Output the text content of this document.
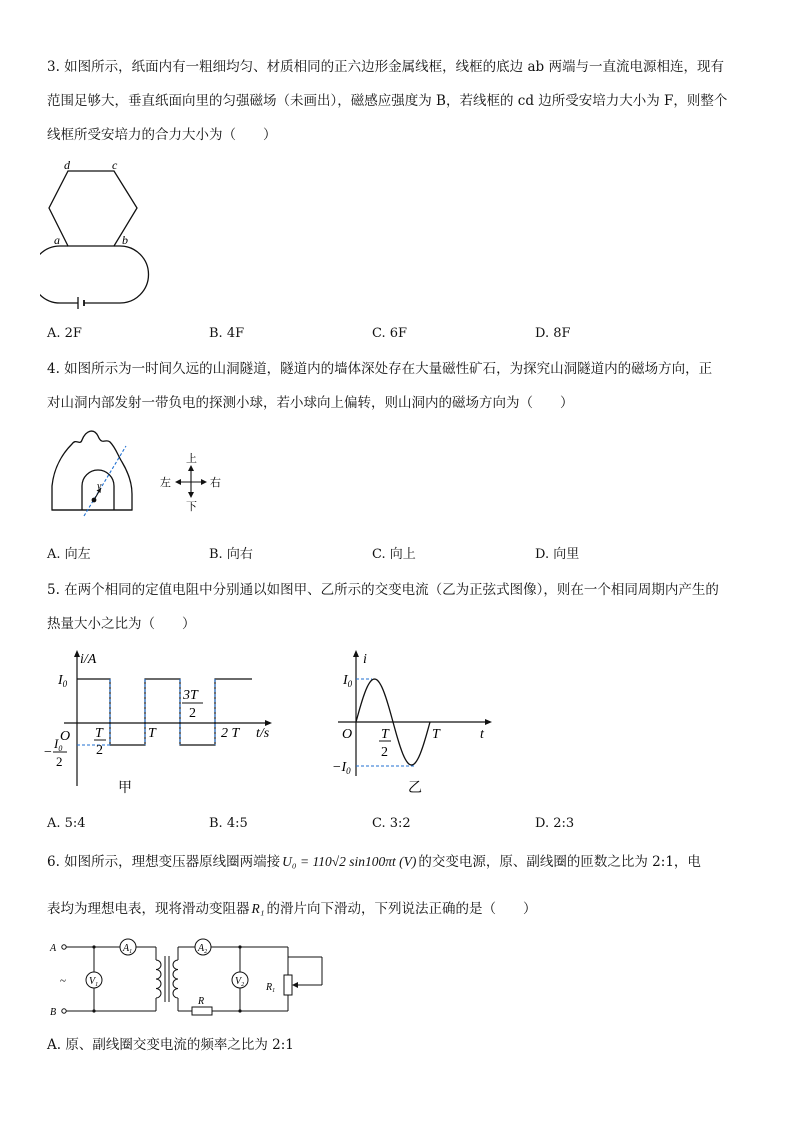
3. 如图所示，纸面内有一粗细均匀、材质相同的正六边形金属线框，线框的底边 ab 两端与一直流电源相连，现有
范围足够大，垂直纸面向里的匀强磁场（未画出），磁感应强度为 B，若线框的 cd 边所受安培力大小为 F，则整个
线框所受安培力的合力大小为（　　）
d	c
a	b
A. 2F	B. 4F	C. 6F	D. 8F
4. 如图所示为一时间久远的山洞隧道，隧道内的墙体深处存在大量磁性矿石，为探究山洞隧道内的磁场方向，正
对山洞内部发射一带负电的探测小球，若小球向上偏转，则山洞内的磁场方向为（　　）
v
上
下
左	右
A. 向左	B. 向右	C. 向上	D. 向里
5. 在两个相同的定值电阻中分别通以如图甲、乙所示的交变电流（乙为正弦式图像），则在一个相同周期内产生的
热量大小之比为（　　）
i/A
$I_0$
O T
2
T
3T
2
2 T t/s
−
$I_0$
2
甲
i
$I_0$
O T
2
T	t
$-I_0$
乙
A. 5:4	B. 4:5	C. 3:2	D. 2:3
6. 如图所示，理想变压器原线圈两端接 U₀ = 110√2 sin100πt (V) 的交变电源，原、副线圈的匝数之比为 2:1，电
表均为理想电表，现将滑动变阻器 R₁ 的滑片向下滑动，下列说法正确的是（　　）
A
B
~
$A_1$
$V_1$
$A_2$
$V_2$
R
$R_1$
A. 原、副线圈交变电流的频率之比为 2:1
